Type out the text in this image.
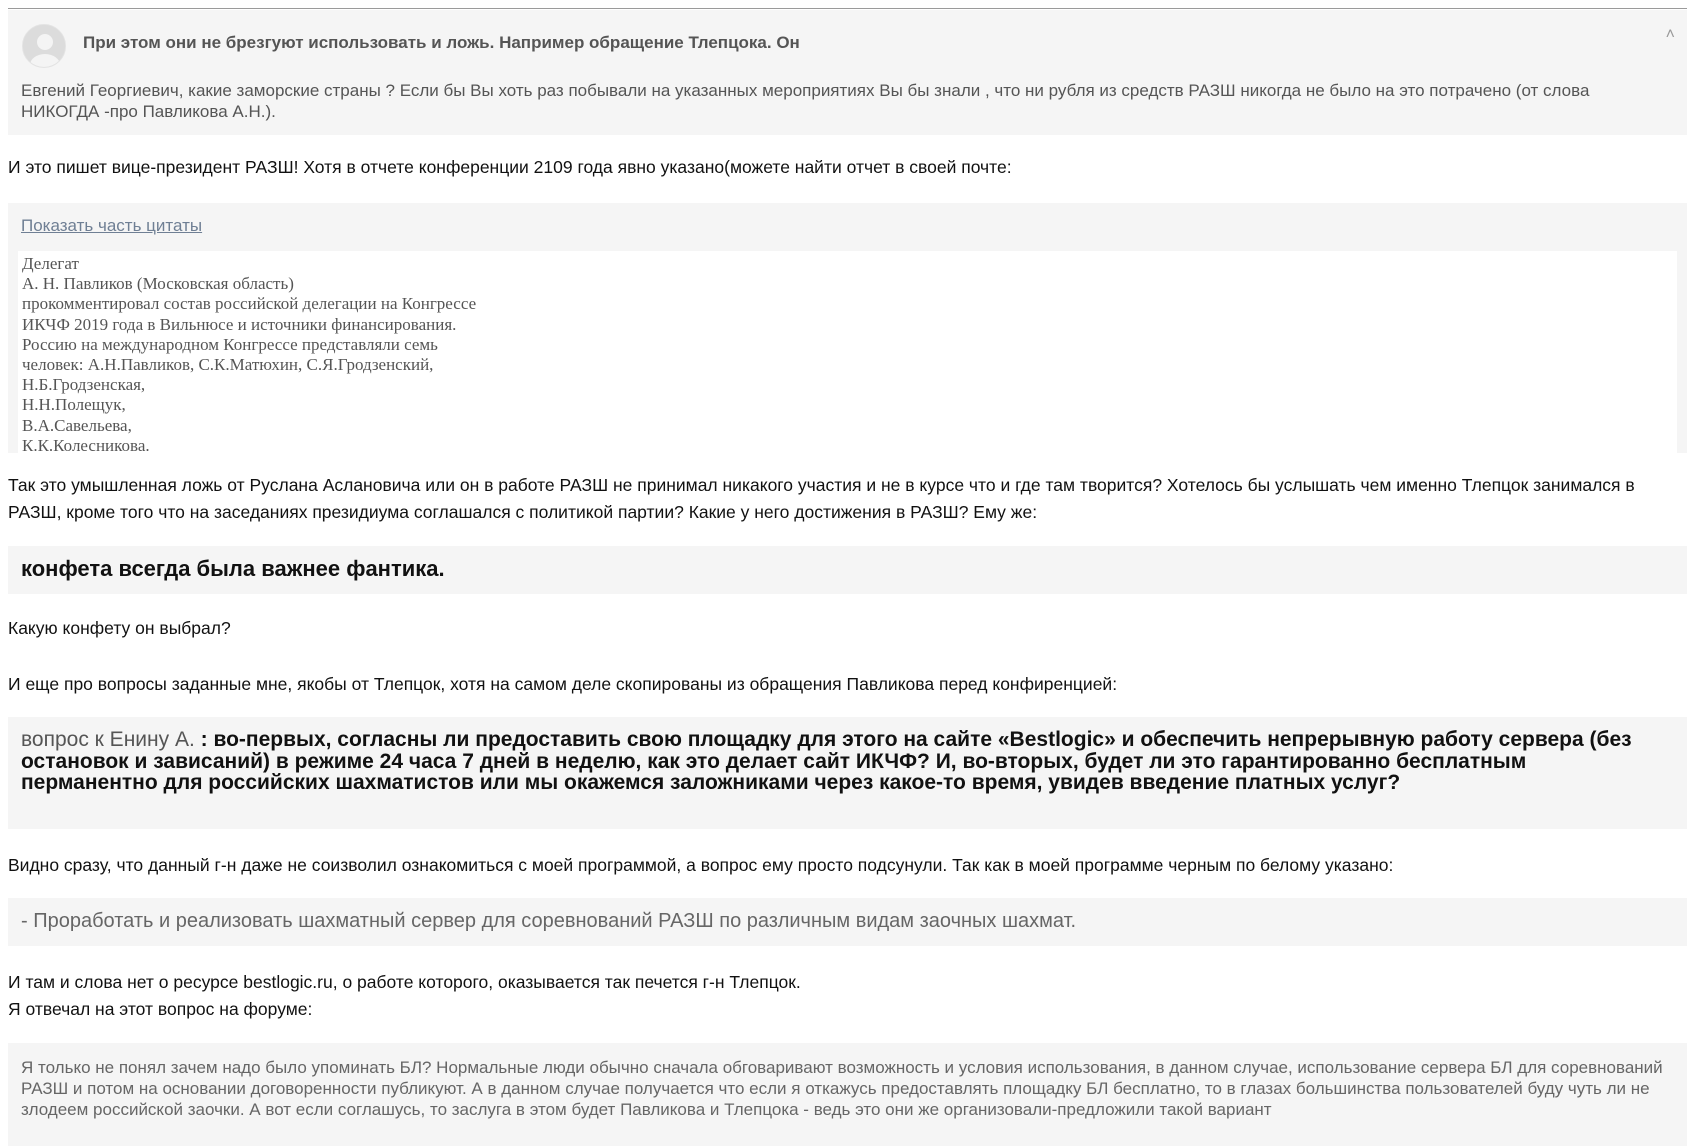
При этом они не брезгуют использовать и ложь. Например обращение Тлепцока. Он	˄
Евгений Георгиевич, какие заморские страны ? Если бы Вы хоть раз побывали на указанных мероприятиях Вы бы знали , что ни рубля из средств РАЗШ никогда не было на это потрачено (от слова НИКОГДА -про Павликова А.Н.).
И это пишет вице-президент РАЗШ! Хотя в отчете конференции 2109 года явно указано(можете найти отчет в своей почте:
Показать часть цитаты
Делегат
А. Н. Павликов (Московская область)
прокомментировал состав российской делегации на Конгрессе
ИКЧФ 2019 года в Вильнюсе и источники финансирования.
Россию на международном Конгрессе представляли семь
человек: А.Н.Павликов, С.К.Матюхин, С.Я.Гродзенский,
Н.Б.Гродзенская,
Н.Н.Полещук,
В.А.Савельева,
К.К.Колесникова.
Так это умышленная ложь от Руслана Аслановича или он в работе РАЗШ не принимал никакого участия и не в курсе что и где там творится? Хотелось бы услышать чем именно Тлепцок занимался в РАЗШ, кроме того что на заседаниях президиума соглашался с политикой партии? Какие у него достижения в РАЗШ? Ему же:
конфета всегда была важнее фантика.
Какую конфету он выбрал?
И еще про вопросы заданные мне, якобы от Тлепцок, хотя на самом деле скопированы из обращения Павликова перед конфиренцией:
вопрос к Енину А. : во-первых, согласны ли предоставить свою площадку для этого на сайте «Bestlogic» и обеспечить непрерывную работу сервера (без остановок и зависаний) в режиме 24 часа 7 дней в неделю, как это делает сайт ИКЧФ? И, во-вторых, будет ли это гарантированно бесплатным перманентно для российских шахматистов или мы окажемся заложниками через какое-то время, увидев введение платных услуг?
Видно сразу, что данный г-н даже не соизволил ознакомиться с моей программой, а вопрос ему просто подсунули. Так как в моей программе черным по белому указано:
- Проработать и реализовать шахматный сервер для соревнований РАЗШ по различным видам заочных шахмат.
И там и слова нет о ресурсе bestlogic.ru, о работе которого, оказывается так печется г-н Тлепцок.
Я отвечал на этот вопрос на форуме:
Я только не понял зачем надо было упоминать БЛ? Нормальные люди обычно сначала обговаривают возможность и условия использования, в данном случае, использование сервера БЛ для соревнований РАЗШ и потом на основании договоренности публикуют. А в данном случае получается что если я откажусь предоставлять площадку БЛ бесплатно, то в глазах большинства пользователей буду чуть ли не злодеем российской заочки. А вот если соглашусь, то заслуга в этом будет Павликова и Тлепцока - ведь это они же организовали-предложили такой вариант
